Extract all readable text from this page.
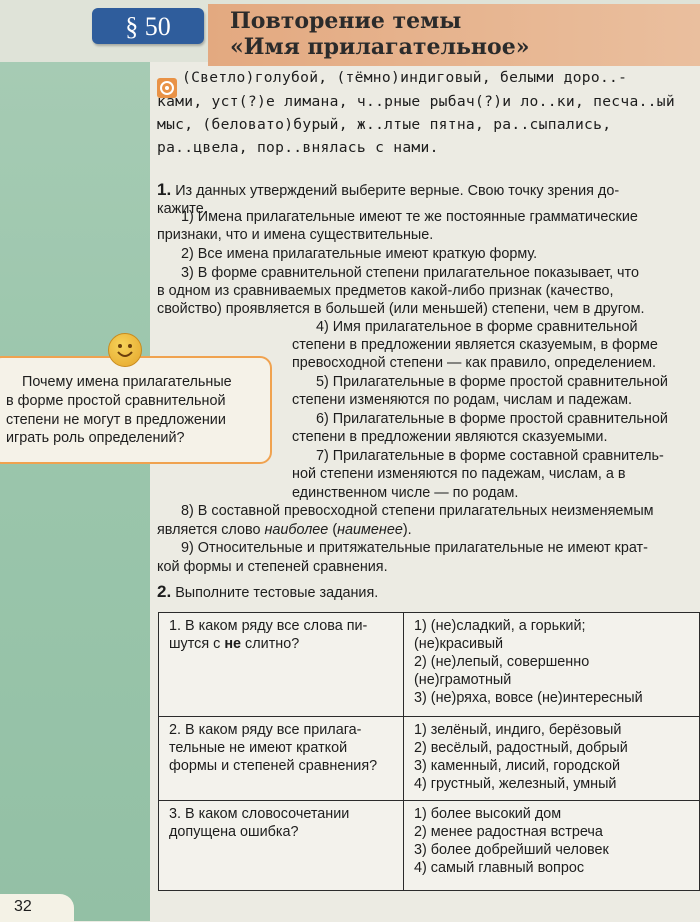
§ 50	Повторение темы
«Имя прилагательное»
(Светло)голубой, (тёмно)индиговый, белыми доро..-
ками, уст(?)е лимана, ч..рные рыбач(?)и ло..ки, песча..ый
мыс, (беловато)бурый, ж..лтые пятна, ра..сыпались,
ра..цвела, пор..внялась с нами.
1. Из данных утверждений выберите верные. Свою точку зрения до-
кажите.
1) Имена прилагательные имеют те же постоянные грамматические
признаки, что и имена существительные.
2) Все имена прилагательные имеют краткую форму.
3) В форме сравнительной степени прилагательное показывает, что
в одном из сравниваемых предметов какой-либо признак (качество,
свойство) проявляется в большей (или меньшей) степени, чем в другом.
4) Имя прилагательное в форме сравнительной
степени в предложении является сказуемым, в форме
превосходной степени — как правило, определением.
5) Прилагательные в форме простой сравнительной
степени изменяются по родам, числам и падежам.
6) Прилагательные в форме простой сравнительной
степени в предложении являются сказуемыми.
7) Прилагательные в форме составной сравнитель-
ной степени изменяются по падежам, числам, а в
единственном числе — по родам.
8) В составной превосходной степени прилагательных неизменяемым
является слово наиболее (наименее).
9) Относительные и притяжательные прилагательные не имеют крат-
кой формы и степеней сравнения.
Почему имена прилагательные
в форме простой сравнительной
степени не могут в предложении
играть роль определений?
2. Выполните тестовые задания.
1. В каком ряду все слова пи-
шутся с не слитно?	1) (не)сладкий, а горький;
(не)красивый
2) (не)лепый, совершенно
(не)грамотный
3) (не)ряха, вовсе (не)интересный

2. В каком ряду все прилага-
тельные не имеют краткой
формы и степеней сравнения?	1) зелёный, индиго, берёзовый
2) весёлый, радостный, добрый
3) каменный, лисий, городской
4) грустный, железный, умный

3. В каком словосочетании
допущена ошибка?	1) более высокий дом
2) менее радостная встреча
3) более добрейший человек
4) самый главный вопрос
32
